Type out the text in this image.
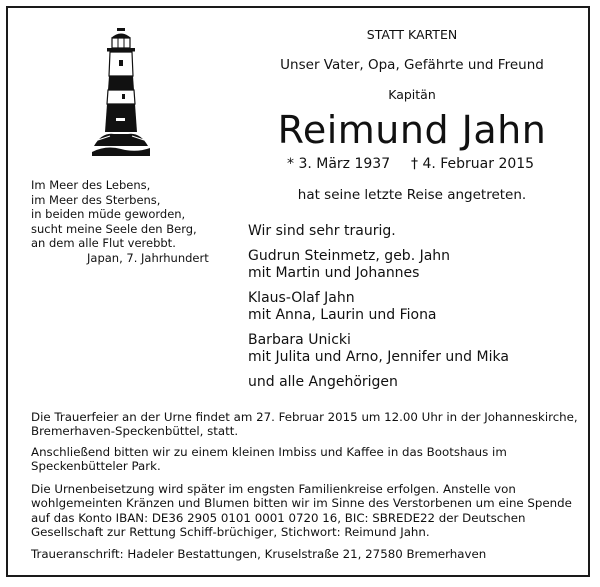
STATT KARTEN
Unser Vater, Opa, Gefährte und Freund
Kapitän
Reimund Jahn
* 3. März 1937 † 4. Februar 2015
hat seine letzte Reise angetreten.
Im Meer des Lebens,
im Meer des Sterbens,
in beiden müde geworden,
sucht meine Seele den Berg,
an dem alle Flut verebbt.
Japan, 7. Jahrhundert
Wir sind sehr traurig.
Gudrun Steinmetz, geb. Jahn
mit Martin und Johannes
Klaus-Olaf Jahn
mit Anna, Laurin und Fiona
Barbara Unicki
mit Julita und Arno, Jennifer und Mika
und alle Angehörigen
Die Trauerfeier an der Urne findet am 27. Februar 2015 um 12.00 Uhr in der Johanneskirche, Bremerhaven-Speckenbüttel, statt.
Anschließend bitten wir zu einem kleinen Imbiss und Kaffee in das Bootshaus im Speckenbütteler Park.
Die Urnenbeisetzung wird später im engsten Familienkreise erfolgen. Anstelle von wohlgemeinten Kränzen und Blumen bitten wir im Sinne des Verstorbenen um eine Spende auf das Konto IBAN: DE36 2905 0101 0001 0720 16, BIC: SBREDE22 der Deutschen Gesellschaft zur Rettung Schiff-brüchiger, Stichwort: Reimund Jahn.
Traueranschrift: Hadeler Bestattungen, Kruselstraße 21, 27580 Bremerhaven
